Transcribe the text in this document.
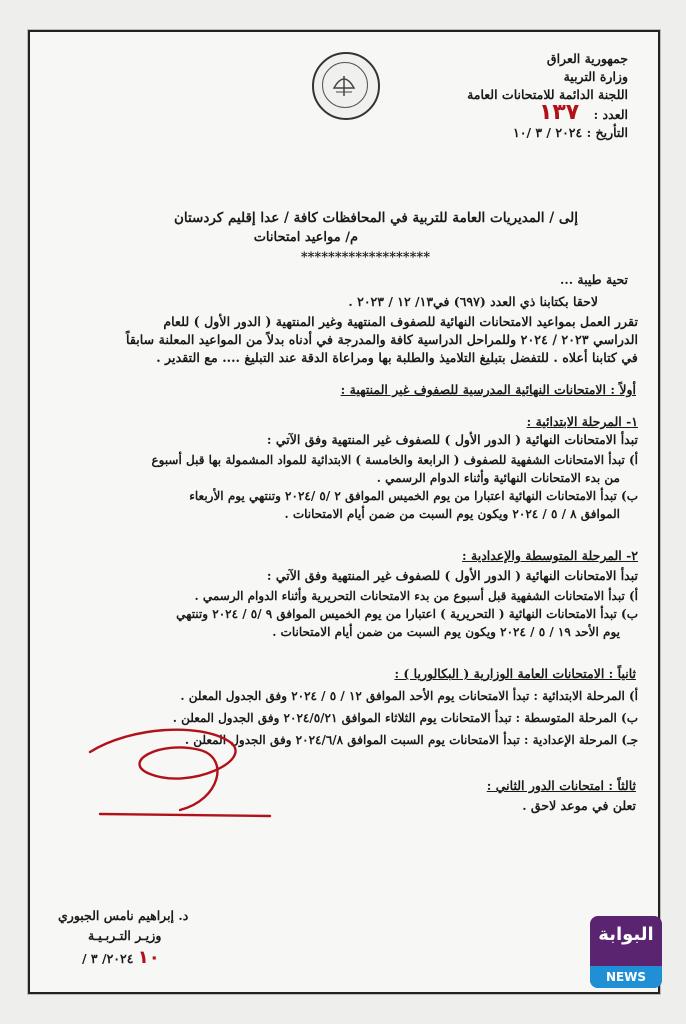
جمهورية العراق
وزارة التربية
اللجنة الدائمة للامتحانات العامة
العدد : ١٣٧
التأريخ : ٢٠٢٤ / ٣ /١٠
إلى / المديريات العامة للتربية في المحافظات كافة / عدا إقليم كردستان
م/ مواعيد امتحانات
*******************
تحية طيبة ...
لاحقا بكتابنا ذي العدد (٦٩٧) في١٣/ ١٢ / ٢٠٢٣ .
تقرر العمل بمواعيد الامتحانات النهائية للصفوف المنتهية وغير المنتهية ( الدور الأول ) للعام
الدراسي ٢٠٢٣ / ٢٠٢٤ وللمراحل الدراسية كافة والمدرجة في أدناه بدلاً من المواعيد المعلنة سابقاً
في كتابنا أعلاه . للتفضل بتبليغ التلاميذ والطلبة بها ومراعاة الدقة عند التبليغ .... مع التقدير .
أولاً : الامتحانات النهائية المدرسية للصفوف غير المنتهية :
١- المرحلة الابتدائية :
تبدأ الامتحانات النهائية ( الدور الأول ) للصفوف غير المنتهية وفق الآتي :
أ) تبدأ الامتحانات الشفهية للصفوف ( الرابعة والخامسة ) الابتدائية للمواد المشمولة بها قبل أسبوع
من بدء الامتحانات النهائية وأثناء الدوام الرسمي .
ب) تبدأ الامتحانات النهائية اعتبارا من يوم الخميس الموافق ٢ /٥ /٢٠٢٤ وتنتهي يوم الأربعاء
الموافق ٨ / ٥ / ٢٠٢٤ ويكون يوم السبت من ضمن أيام الامتحانات .
٢- المرحلة المتوسطة والإعدادية :
تبدأ الامتحانات النهائية ( الدور الأول ) للصفوف غير المنتهية وفق الآتي :
أ) تبدأ الامتحانات الشفهية قبل أسبوع من بدء الامتحانات التحريرية وأثناء الدوام الرسمي .
ب) تبدأ الامتحانات النهائية ( التحريرية ) اعتبارا من يوم الخميس الموافق ٩ /٥ / ٢٠٢٤ وتنتهي
يوم الأحد ١٩ / ٥ / ٢٠٢٤ ويكون يوم السبت من ضمن أيام الامتحانات .
ثانياً : الامتحانات العامة الوزارية ( البكالوريا ) :
أ) المرحلة الابتدائية : تبدأ الامتحانات يوم الأحد الموافق ١٢ / ٥ / ٢٠٢٤ وفق الجدول المعلن .
ب) المرحلة المتوسطة : تبدأ الامتحانات يوم الثلاثاء الموافق ٢٠٢٤/٥/٢١ وفق الجدول المعلن .
جـ) المرحلة الإعدادية : تبدأ الامتحانات يوم السبت الموافق ٢٠٢٤/٦/٨ وفق الجدول المعلن .
ثالثاً : امتحانات الدور الثاني :
تعلن في موعد لاحق .
د. إبراهيم نامس الجبوري
وزيـر التـربـيـة
١٠ ٢٠٢٤/ ٣ /
البوابة
NEWS
